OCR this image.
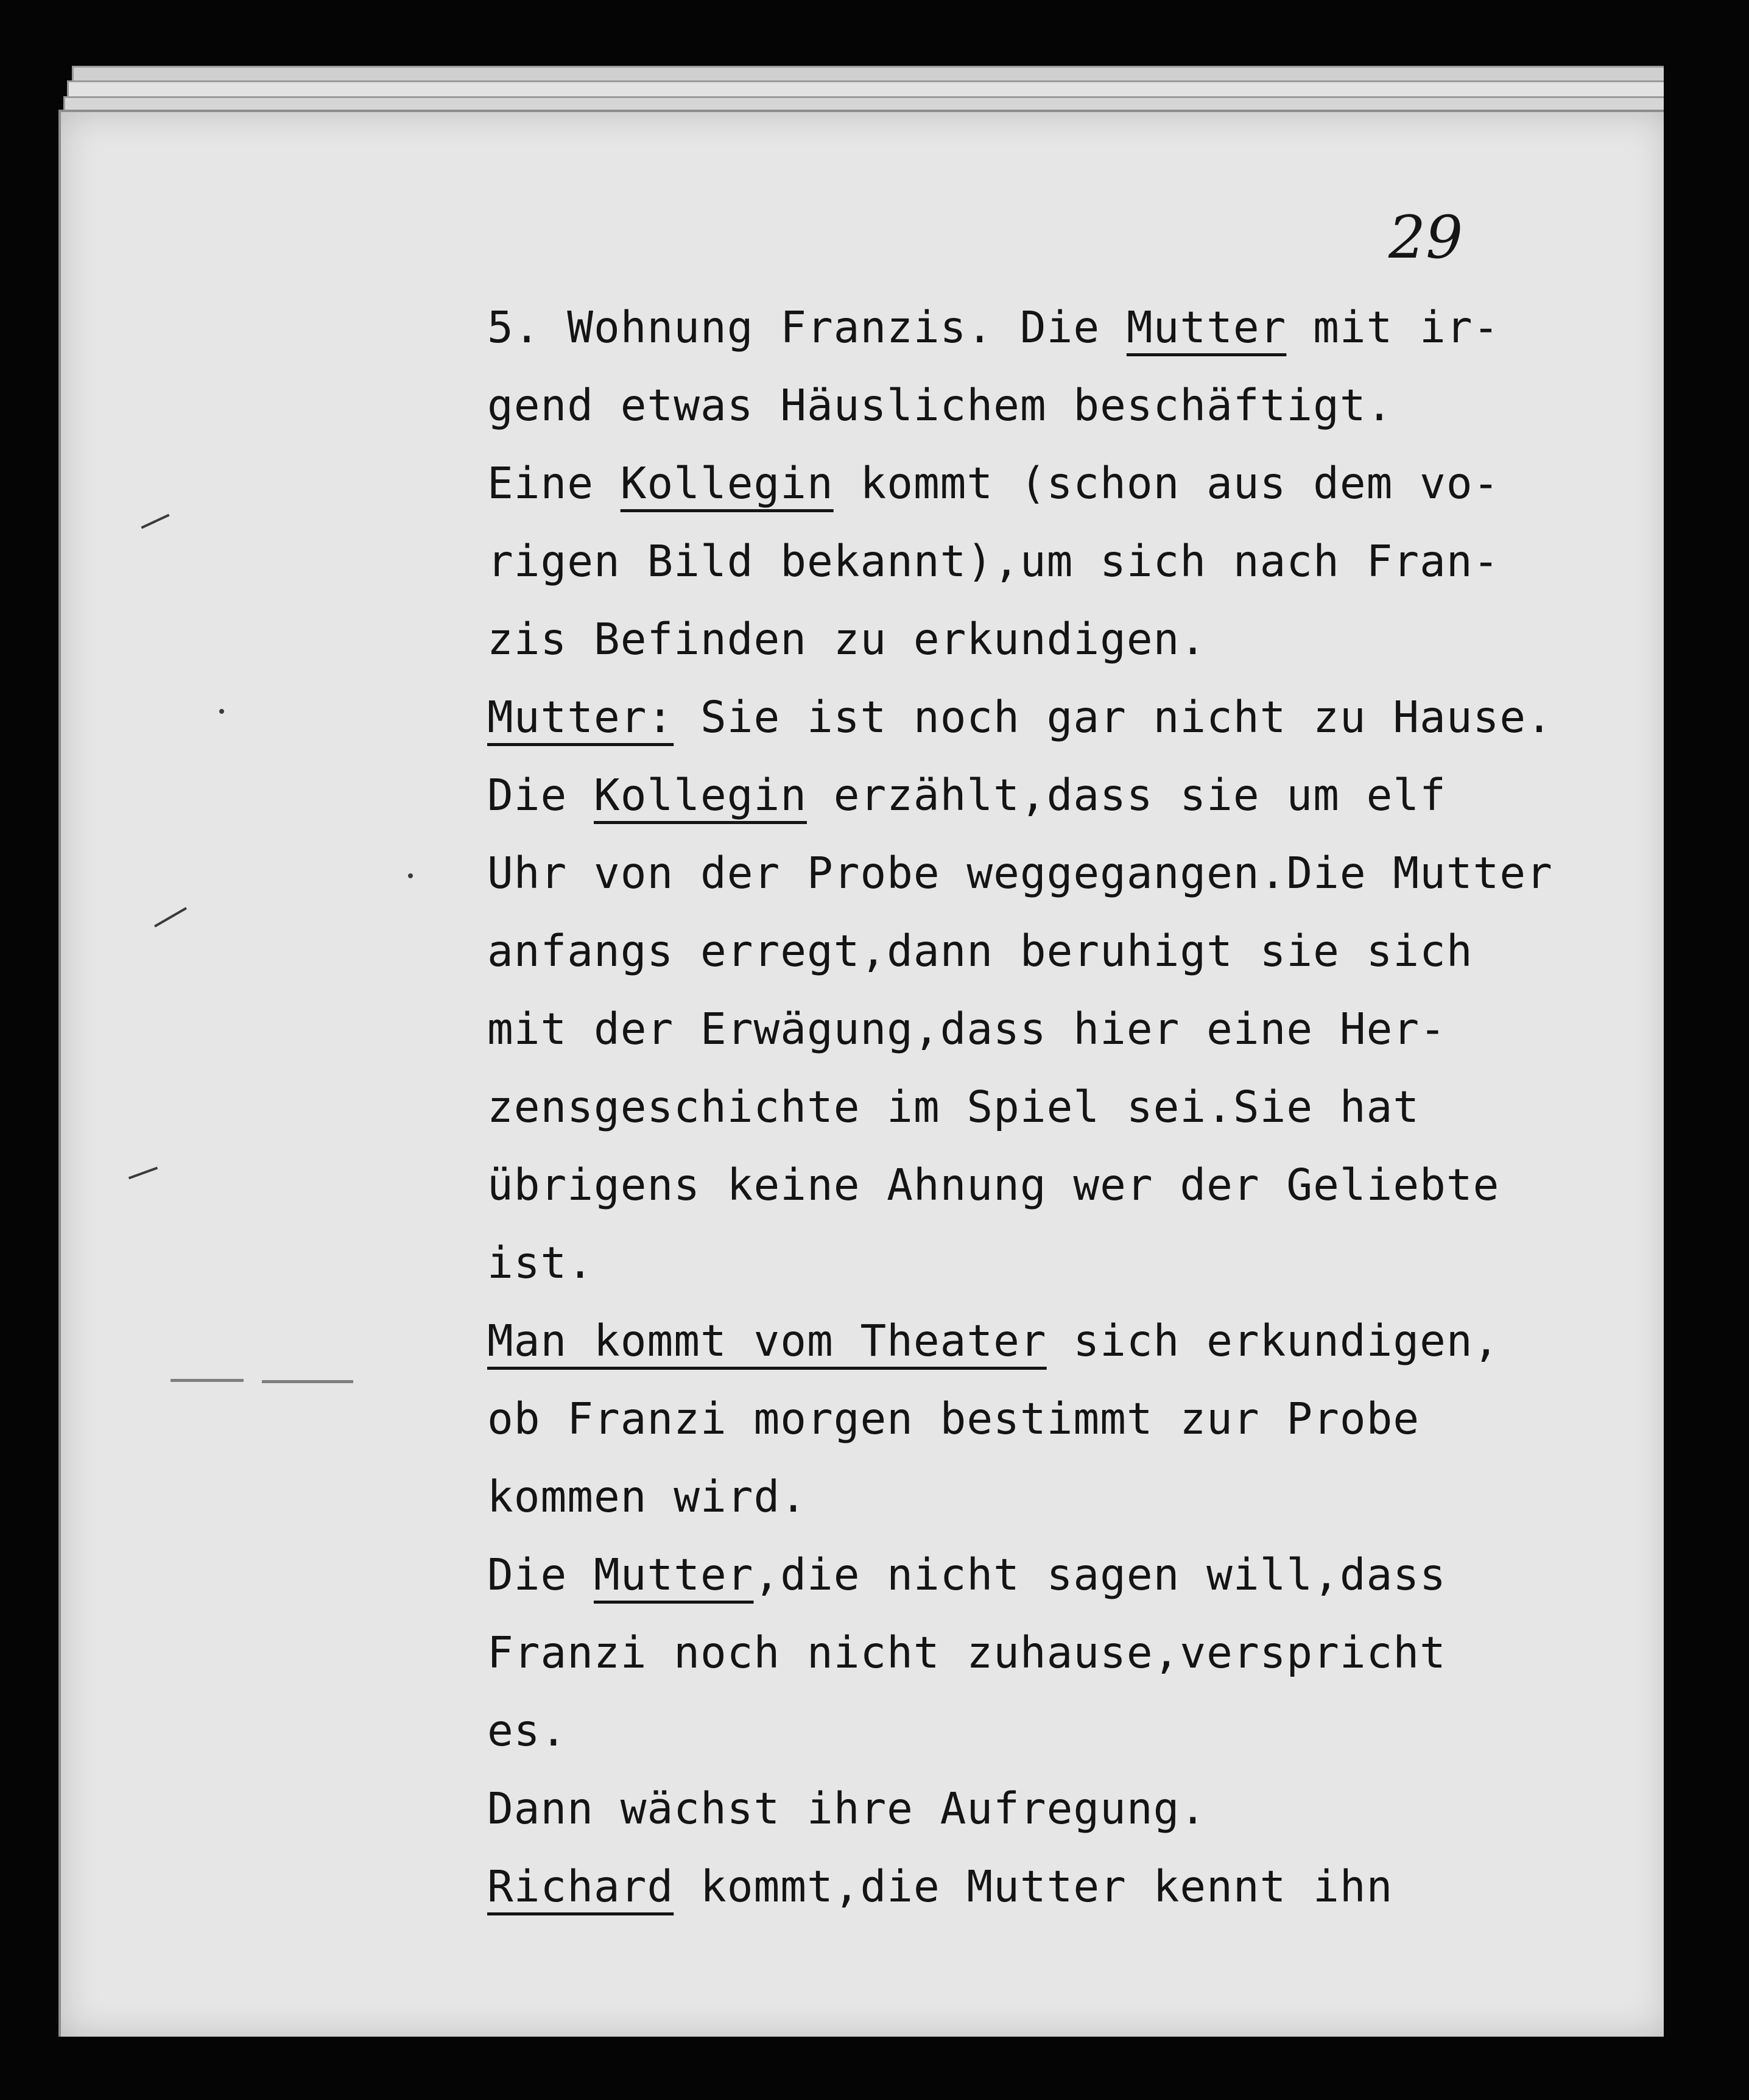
29
5. Wohnung Franzis. Die Mutter mit ir-
gend etwas Häuslichem beschäftigt.
Eine Kollegin kommt (schon aus dem vo-
rigen Bild bekannt),um sich nach Fran-
zis Befinden zu erkundigen.
Mutter: Sie ist noch gar nicht zu Hause.
Die Kollegin erzählt,dass sie um elf
Uhr von der Probe weggegangen.Die Mutter
anfangs erregt,dann beruhigt sie sich
mit der Erwägung,dass hier eine Her-
zensgeschichte im Spiel sei.Sie hat
übrigens keine Ahnung wer der Geliebte
ist.
Man kommt vom Theater sich erkundigen,
ob Franzi morgen bestimmt zur Probe
kommen wird.
Die Mutter,die nicht sagen will,dass
Franzi noch nicht zuhause,verspricht
es.
Dann wächst ihre Aufregung.
Richard kommt,die Mutter kennt ihn
